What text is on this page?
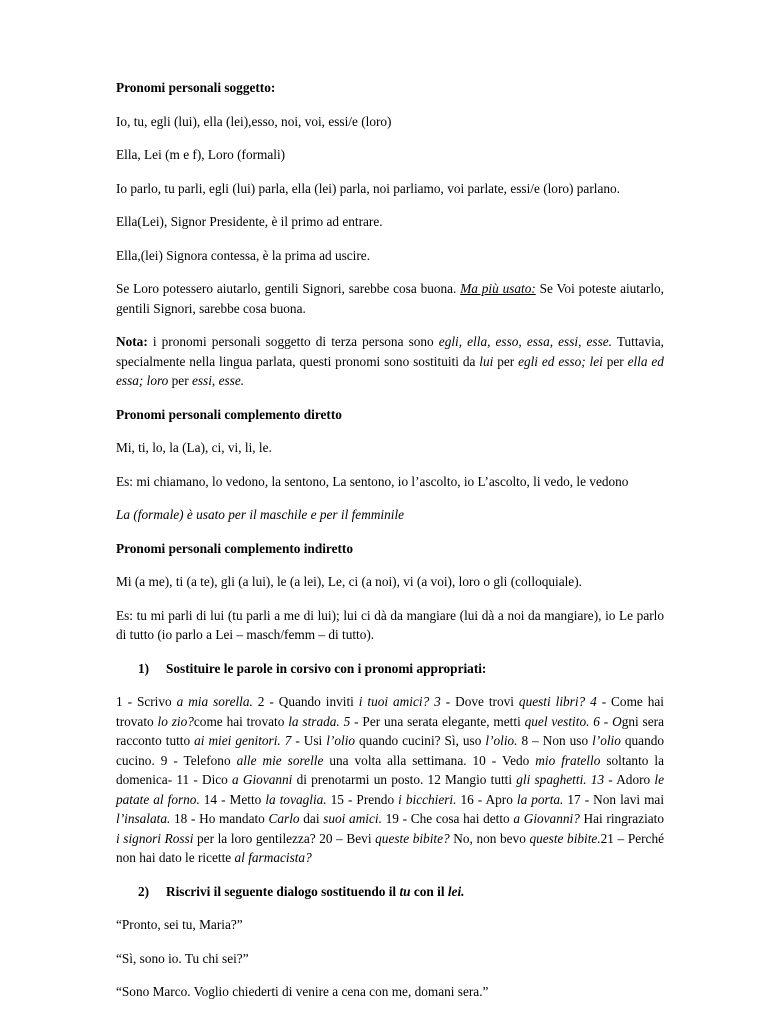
Pronomi personali soggetto:

Io, tu, egli (lui), ella (lei),esso, noi, voi, essi/e (loro)

Ella, Lei (m e f), Loro (formali)

Io parlo, tu parli, egli (lui) parla, ella (lei) parla, noi parliamo, voi parlate, essi/e (loro) parlano.

Ella(Lei), Signor Presidente, è il primo ad entrare.

Ella,(lei) Signora contessa, è la prima ad uscire.

Se Loro potessero aiutarlo, gentili Signori, sarebbe cosa buona. Ma più usato: Se Voi poteste aiutarlo, gentili Signori, sarebbe cosa buona.

Nota: i pronomi personali soggetto di terza persona sono egli, ella, esso, essa, essi, esse. Tuttavia, specialmente nella lingua parlata, questi pronomi sono sostituiti da lui per egli ed esso; lei per ella ed essa; loro per essi, esse.

Pronomi personali complemento diretto

Mi, ti, lo, la (La), ci, vi, li, le.

Es: mi chiamano, lo vedono, la sentono, La sentono, io l’ascolto, io L’ascolto, li vedo, le vedono

La (formale) è usato per il maschile e per il femminile

Pronomi personali complemento indiretto

Mi (a me), ti (a te), gli (a lui), le (a lei), Le, ci (a noi), vi (a voi), loro o gli (colloquiale).

Es: tu mi parli di lui (tu parli a me di lui); lui ci dà da mangiare (lui dà a noi da mangiare), io Le parlo di tutto (io parlo a Lei – masch/femm – di tutto).

1) Sostituire le parole in corsivo con i pronomi appropriati:

1 - Scrivo a mia sorella. 2 - Quando inviti i tuoi amici? 3 - Dove trovi questi libri? 4 - Come hai trovato lo zio?come hai trovato la strada. 5 - Per una serata elegante, metti quel vestito. 6 - Ogni sera racconto tutto ai miei genitori. 7 - Usi l’olio quando cucini? Sì, uso l’olio. 8 – Non uso l’olio quando cucino. 9 - Telefono alle mie sorelle una volta alla settimana. 10 - Vedo mio fratello soltanto la domenica- 11 - Dico a Giovanni di prenotarmi un posto. 12 Mangio tutti gli spaghetti. 13 - Adoro le patate al forno. 14 - Metto la tovaglia. 15 - Prendo i bicchieri. 16 - Apro la porta. 17 - Non lavi mai l’insalata. 18 - Ho mandato Carlo dai suoi amici. 19 - Che cosa hai detto a Giovanni? Hai ringraziato i signori Rossi per la loro gentilezza? 20 – Bevi queste bibite? No, non bevo queste bibite.21 – Perché non hai dato le ricette al farmacista?

2) Riscrivi il seguente dialogo sostituendo il tu con il lei.

“Pronto, sei tu, Maria?”

“Sì, sono io. Tu chi sei?”

“Sono Marco. Voglio chiederti di venire a cena con me, domani sera.”
